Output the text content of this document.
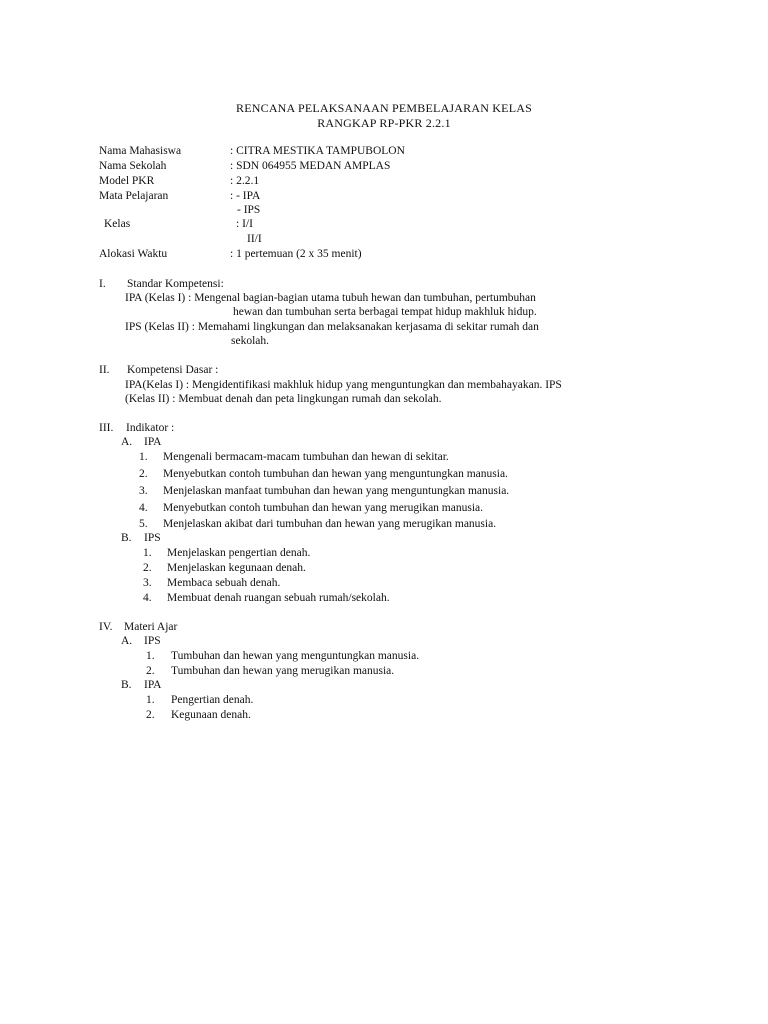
RENCANA PELAKSANAAN PEMBELAJARAN KELAS
RANGKAP RP-PKR 2.2.1
Nama Mahasiswa	: CITRA MESTIKA TAMPUBOLON
Nama Sekolah	: SDN 064955 MEDAN AMPLAS
Model PKR	: 2.2.1
Mata Pelajaran	: - IPA
- IPS
Kelas	: I/I
II/I
Alokasi Waktu	: 1 pertemuan (2 x 35 menit)
I. Standar Kompetensi:
IPA (Kelas I) : Mengenal bagian-bagian utama tubuh hewan dan tumbuhan, pertumbuhan
hewan dan tumbuhan serta berbagai tempat hidup makhluk hidup.
IPS (Kelas II) : Memahami lingkungan dan melaksanakan kerjasama di sekitar rumah dan
sekolah.
II. Kompetensi Dasar :
IPA(Kelas I) : Mengidentifikasi makhluk hidup yang menguntungkan dan membahayakan. IPS
(Kelas II) : Membuat denah dan peta lingkungan rumah dan sekolah.
III. Indikator :
A. IPA
1. Mengenali bermacam-macam tumbuhan dan hewan di sekitar.
2. Menyebutkan contoh tumbuhan dan hewan yang menguntungkan manusia.
3. Menjelaskan manfaat tumbuhan dan hewan yang menguntungkan manusia.
4. Menyebutkan contoh tumbuhan dan hewan yang merugikan manusia.
5. Menjelaskan akibat dari tumbuhan dan hewan yang merugikan manusia.
B. IPS
1. Menjelaskan pengertian denah.
2. Menjelaskan kegunaan denah.
3. Membaca sebuah denah.
4. Membuat denah ruangan sebuah rumah/sekolah.
IV. Materi Ajar
A. IPS
1. Tumbuhan dan hewan yang menguntungkan manusia.
2. Tumbuhan dan hewan yang merugikan manusia.
B. IPA
1. Pengertian denah.
2. Kegunaan denah.
